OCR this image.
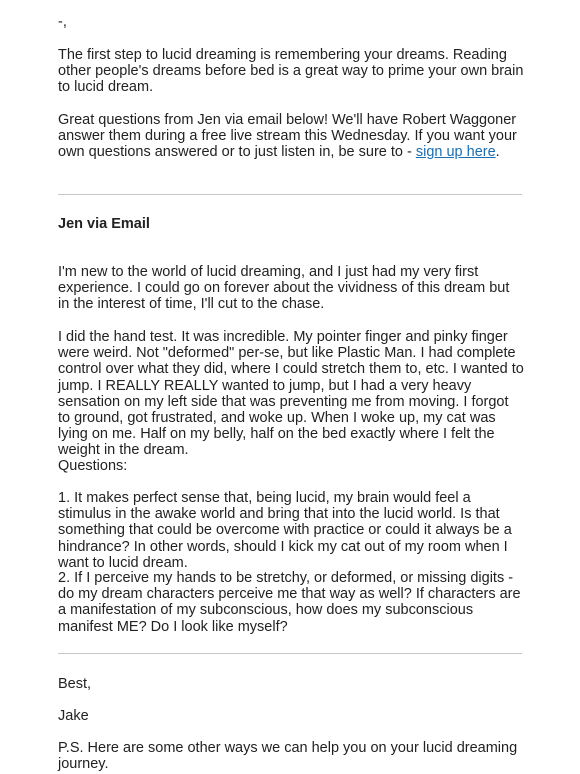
-,

The first step to lucid dreaming is remembering your dreams. Reading other people's dreams before bed is a great way to prime your own brain to lucid dream.

Great questions from Jen via email below! We'll have Robert Waggoner answer them during a free live stream this Wednesday. If you want your own questions answered or to just listen in, be sure to - sign up here.

Jen via Email

I'm new to the world of lucid dreaming, and I just had my very first experience. I could go on forever about the vividness of this dream but in the interest of time, I'll cut to the chase.

I did the hand test. It was incredible. My pointer finger and pinky finger were weird. Not "deformed" per-se, but like Plastic Man. I had complete control over what they did, where I could stretch them to, etc. I wanted to jump. I REALLY REALLY wanted to jump, but I had a very heavy sensation on my left side that was preventing me from moving. I forgot to ground, got frustrated, and woke up. When I woke up, my cat was lying on me. Half on my belly, half on the bed exactly where I felt the weight in the dream.

Questions:

1. It makes perfect sense that, being lucid, my brain would feel a stimulus in the awake world and bring that into the lucid world. Is that something that could be overcome with practice or could it always be a hindrance? In other words, should I kick my cat out of my room when I want to lucid dream.

2. If I perceive my hands to be stretchy, or deformed, or missing digits - do my dream characters perceive me that way as well? If characters are a manifestation of my subconscious, how does my subconscious manifest ME? Do I look like myself?

Best,

Jake

P.S. Here are some other ways we can help you on your lucid dreaming journey.
